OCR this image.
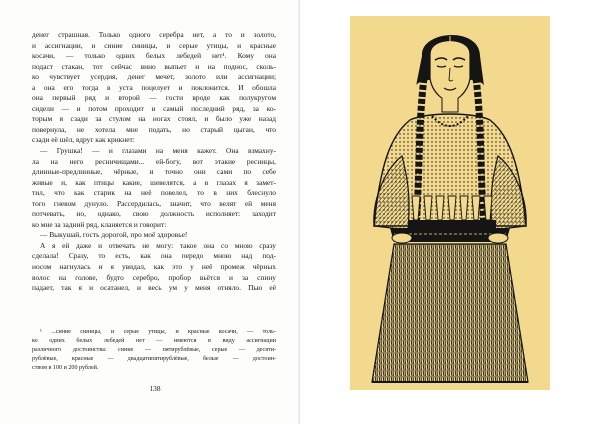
денег страшная. Только одного серебра нет, а то и золото,
и ассигнации, и синие синицы, и серые утицы, и красные
косачи, — только одних белых лебедей нет¹. Кому она
подаст стакан, тот сейчас вино выпьет и на поднос, сколь-
ко чувствует усердия, денег мечет, золото или ассигнации;
а она его тогда в уста поцелует и поклонится. И обошла
она первый ряд и второй — гости вроде как полукругом
сидели — и потом проходит и самый последний ряд, за ко-
торым я сзади за стулом на ногах стоял, и было уже назад
повернула, не хотела мне подать, но старый цыган, что
сзади её шёл, вдруг как крикнет:
— Грушка! — и глазами на меня кажет. Она взмахну-
ла на него ресничищами... ей-богу, вот этакие ресницы,
длинные-предлинные, чёрные, и точно они сами по себе
живые и, как птицы какие, шевелятся, а в глазах я замет-
тил, что как старик на неё повелел, то в них блеснуло
того гневом дунуло. Рассердилась, значит, что велят ей меня
потчевать, но, однако, свою должность исполняет: заходит
ко мне за задний ряд, кланяется и говорит:
— Выкушай, гость дорогой, про моё здоровье!
А я ей даже и отвечать не могу: такое она со мною сразу
сделала! Сразу, то есть, как она передо мною над под-
носом нагнулась и я увидал, как это у неё промеж чёрных
волос на голове, будто серебро, пробор вьётся и за спину
падает, так я и осатанел, и весь ум у меня отняло. Пью её
¹ ...синие синицы, и серые утицы, и красные косачи, — толь-
ко одних белых лебедей нет — имеются в виду ассигнации
различного достоинства: синие — пятирублёвые, серые — десяти-
рублёвые, красные — двадцатипятирублёвые, белые — достоин-
ством в 100 и 200 рублей.
138
